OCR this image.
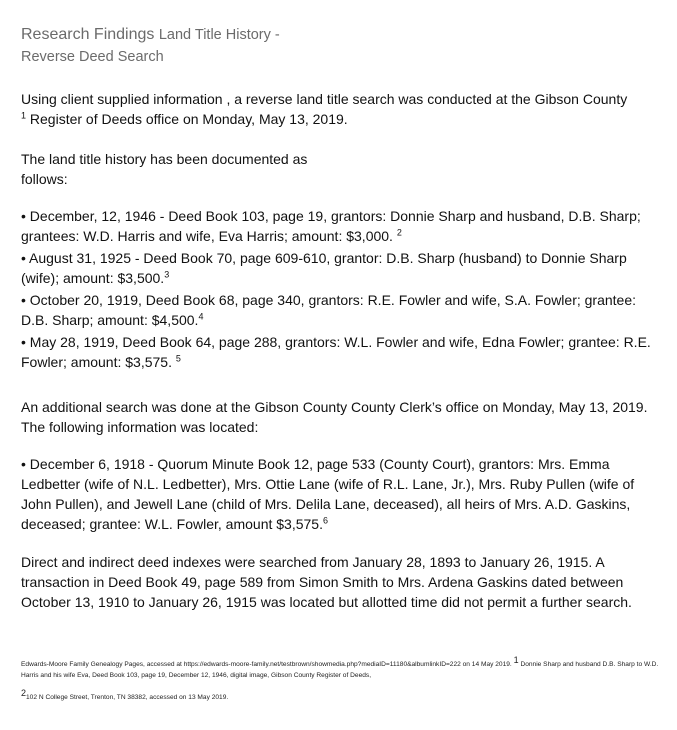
Research Findings Land Title History -
Reverse Deed Search

Using client supplied information , a reverse land title search was conducted at the Gibson County
$^1$ Register of Deeds office on Monday, May 13, 2019.

The land title history has been documented as follows:

• December, 12, 1946 - Deed Book 103, page 19, grantors: Donnie Sharp and husband, D.B. Sharp; grantees: W.D. Harris and wife, Eva Harris; amount: $3,000. $^2$

• August 31, 1925 - Deed Book 70, page 609-610, grantor: D.B. Sharp (husband) to Donnie Sharp (wife); amount: $3,500.$^3$

• October 20, 1919, Deed Book 68, page 340, grantors: R.E. Fowler and wife, S.A. Fowler; grantee: D.B. Sharp; amount: $4,500.$^4$

• May 28, 1919, Deed Book 64, page 288, grantors: W.L. Fowler and wife, Edna Fowler; grantee: R.E. Fowler; amount: $3,575. $^5$

An additional search was done at the Gibson County County Clerk’s office on Monday, May 13, 2019. The following information was located:

• December 6, 1918 - Quorum Minute Book 12, page 533 (County Court), grantors: Mrs. Emma Ledbetter (wife of N.L. Ledbetter), Mrs. Ottie Lane (wife of R.L. Lane, Jr.), Mrs. Ruby Pullen (wife of John Pullen), and Jewell Lane (child of Mrs. Delila Lane, deceased), all heirs of Mrs. A.D. Gaskins, deceased; grantee: W.L. Fowler, amount $3,575.$^6$

Direct and indirect deed indexes were searched from January 28, 1893 to January 26, 1915. A transaction in Deed Book 49, page 589 from Simon Smith to Mrs. Ardena Gaskins dated between October 13, 1910 to January 26, 1915 was located but allotted time did not permit a further search.

Edwards-Moore Family Genealogy Pages, accessed at https://edwards-moore-family.net/testbrown/showmedia.php?mediaID=11180&albumlinkID=222 on 14 May 2019. $^1$ Donnie Sharp and husband D.B. Sharp to W.D. Harris and his wife Eva, Deed Book 103, page 19, December 12, 1946, digital image, Gibson County Register of Deeds,
$^2$102 N College Street, Trenton, TN 38382, accessed on 13 May 2019.
